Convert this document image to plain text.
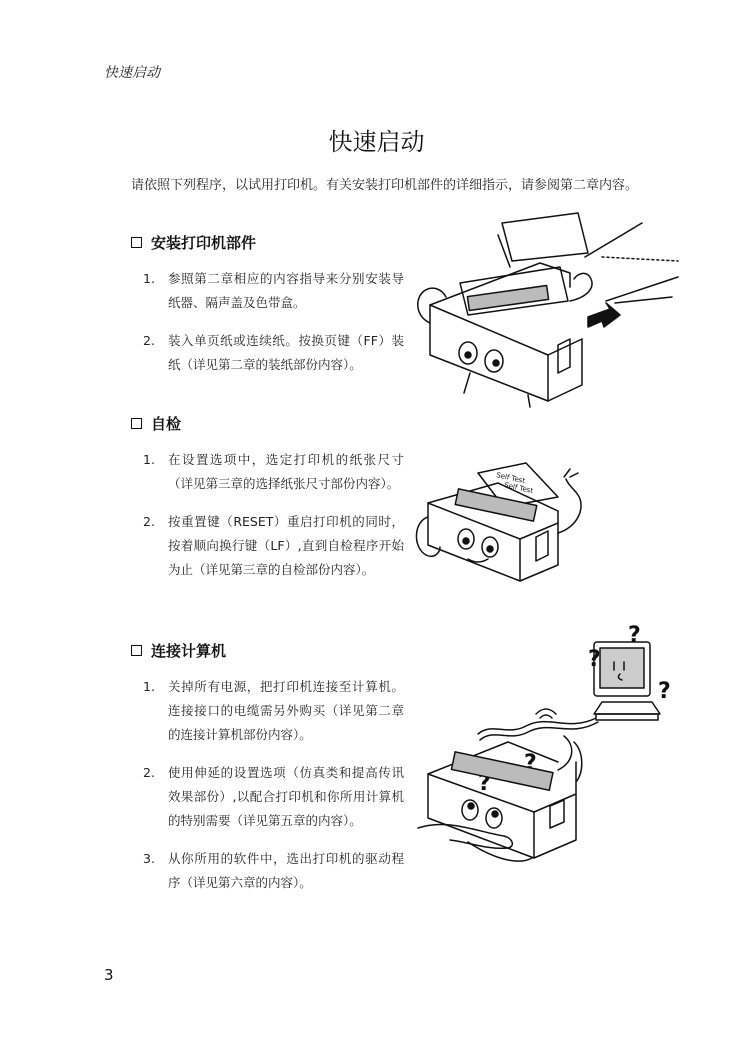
快速启动
快速启动
请依照下列程序，以试用打印机。有关安装打印机部件的详细指示，请参阅第二章内容。
安装打印机部件
1.	参照第二章相应的内容指导来分别安装导纸器、隔声盖及色带盒。
2.	装入单页纸或连续纸。按换页键（FF）装纸（详见第二章的装纸部份内容）。
自检
1.	在设置选项中，选定打印机的纸张尺寸（详见第三章的选择纸张尺寸部份内容）。
2.	按重置键（RESET）重启打印机的同时，按着顺向换行键（LF）,直到自检程序开始为止（详见第三章的自检部份内容）。
连接计算机
1.	关掉所有电源，把打印机连接至计算机。连接接口的电缆需另外购买（详见第二章的连接计算机部份内容）。
2.	使用伸延的设置选项（仿真类和提高传讯效果部份）,以配合打印机和你所用计算机的特别需要（详见第五章的内容）。
3.	从你所用的软件中，选出打印机的驱动程序（详见第六章的内容）。
Self Test
Self Test
?
?
?
?
?
3
